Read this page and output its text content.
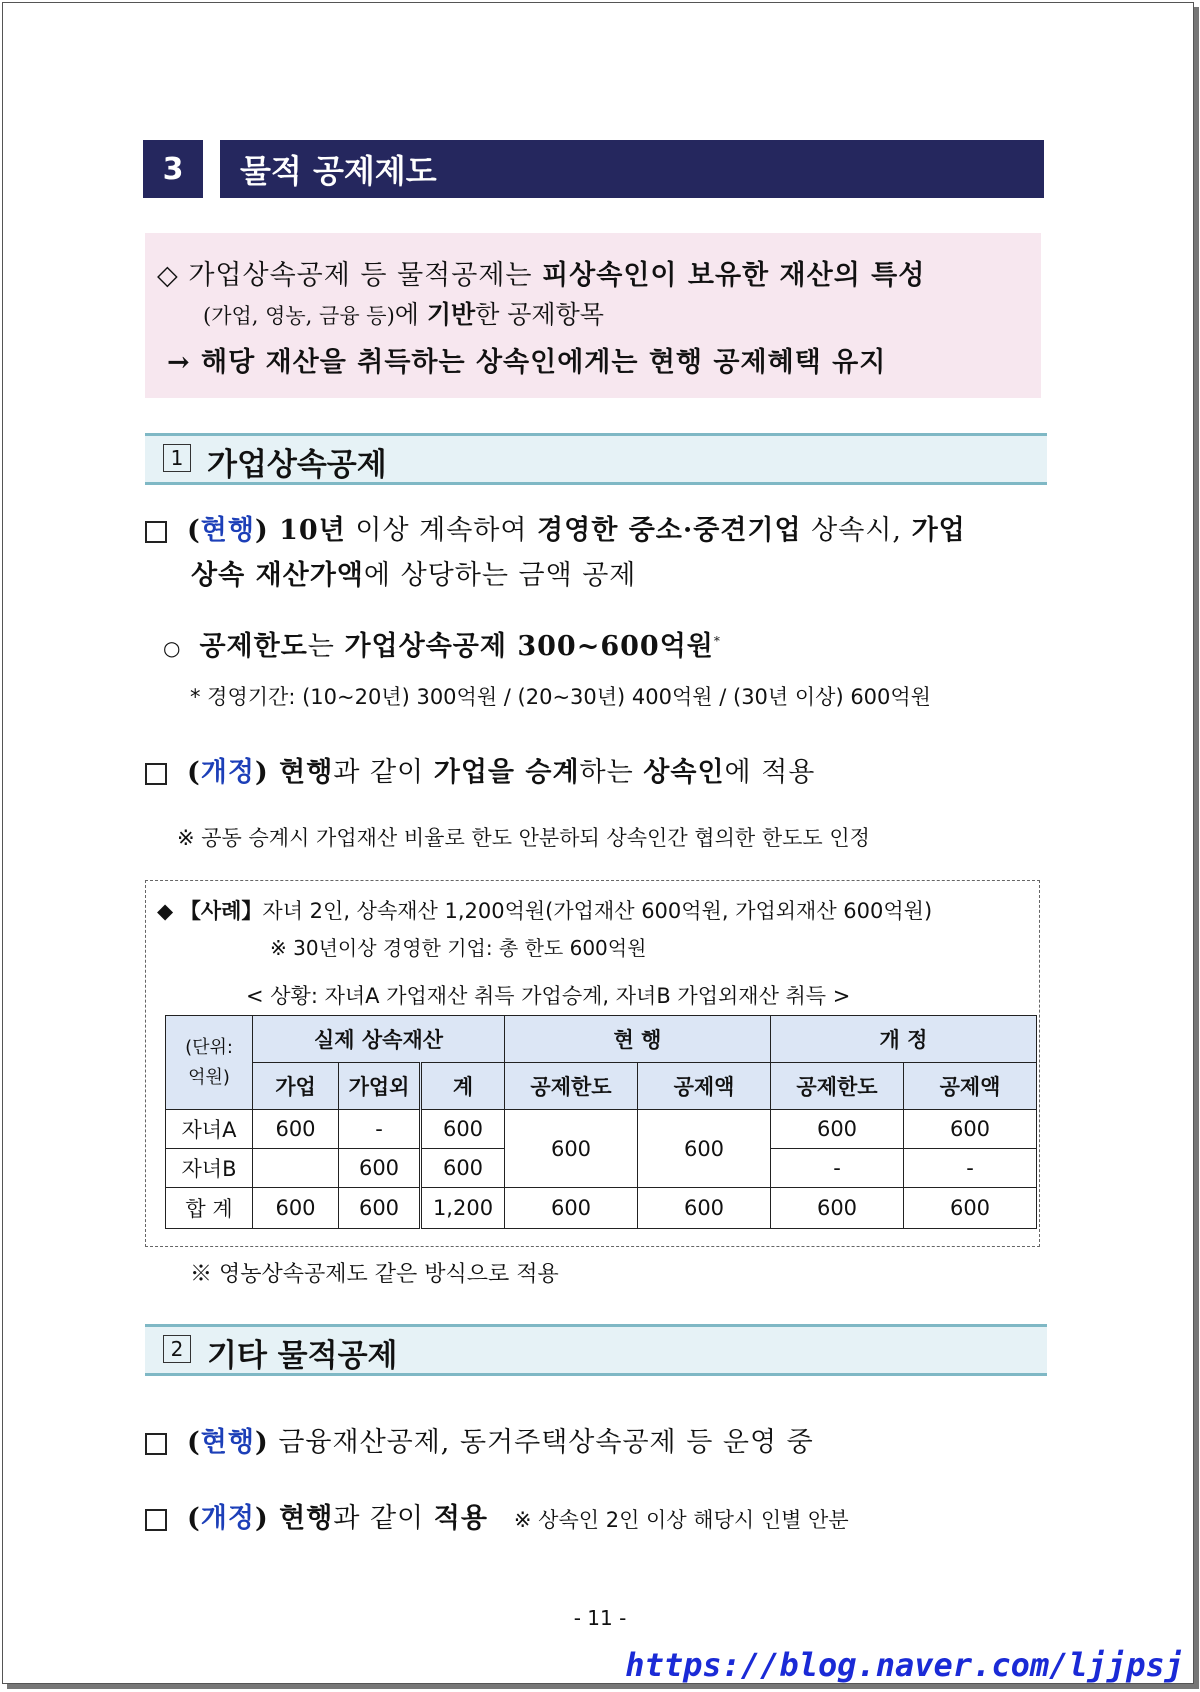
3	물적 공제제도
◇ 가업상속공제 등 물적공제는 피상속인이 보유한 재산의 특성
(가업, 영농, 금융 등)에 기반한 공제항목
→ 해당 재산을 취득하는 상속인에게는 현행 공제혜택 유지
1 가업상속공제
(현행) 10년 이상 계속하여 경영한 중소·중견기업 상속시, 가업
상속 재산가액에 상당하는 금액 공제
○ 공제한도는 가업상속공제 300~600억원*
* 경영기간: (10~20년) 300억원 / (20~30년) 400억원 / (30년 이상) 600억원
(개정) 현행과 같이 가업을 승계하는 상속인에 적용
※ 공동 승계시 가업재산 비율로 한도 안분하되 상속인간 협의한 한도도 인정
◆ 【사례】자녀 2인, 상속재산 1,200억원(가업재산 600억원, 가업외재산 600억원)
※ 30년이상 경영한 기업: 총 한도 600억원
< 상황: 자녀A 가업재산 취득 가업승계, 자녀B 가업외재산 취득 >
(단위:
억원)	실제 상속재산			현 행		개 정	
	가업	가업외	계	공제한도	공제액	공제한도	공제액
자녀A	600	-	600	600	600	600	600
자녀B		600	600			-	-
합 계	600	600	1,200	600	600	600	600
※ 영농상속공제도 같은 방식으로 적용
2 기타 물적공제
(현행) 금융재산공제, 동거주택상속공제 등 운영 중
(개정) 현행과 같이 적용 ※ 상속인 2인 이상 해당시 인별 안분
- 11 -
https://blog.naver.com/ljjpsj
